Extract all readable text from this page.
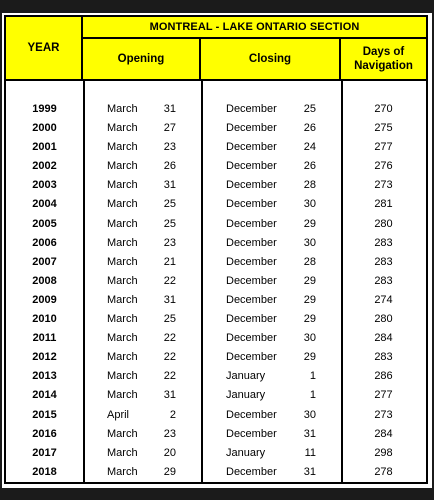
YEAR
MONTREAL - LAKE ONTARIO SECTION
Opening	Closing
Days of
Navigation
1999	March	31	December	25	270
2000	March	27	December	26	275
2001	March	23	December	24	277
2002	March	26	December	26	276
2003	March	31	December	28	273
2004	March	25	December	30	281
2005	March	25	December	29	280
2006	March	23	December	30	283
2007	March	21	December	28	283
2008	March	22	December	29	283
2009	March	31	December	29	274
2010	March	25	December	29	280
2011	March	22	December	30	284
2012	March	22	December	29	283
2013	March	22	January	1	286
2014	March	31	January	1	277
2015	April	2	December	30	273
2016	March	23	December	31	284
2017	March	20	January	11	298
2018	March	29	December	31	278
